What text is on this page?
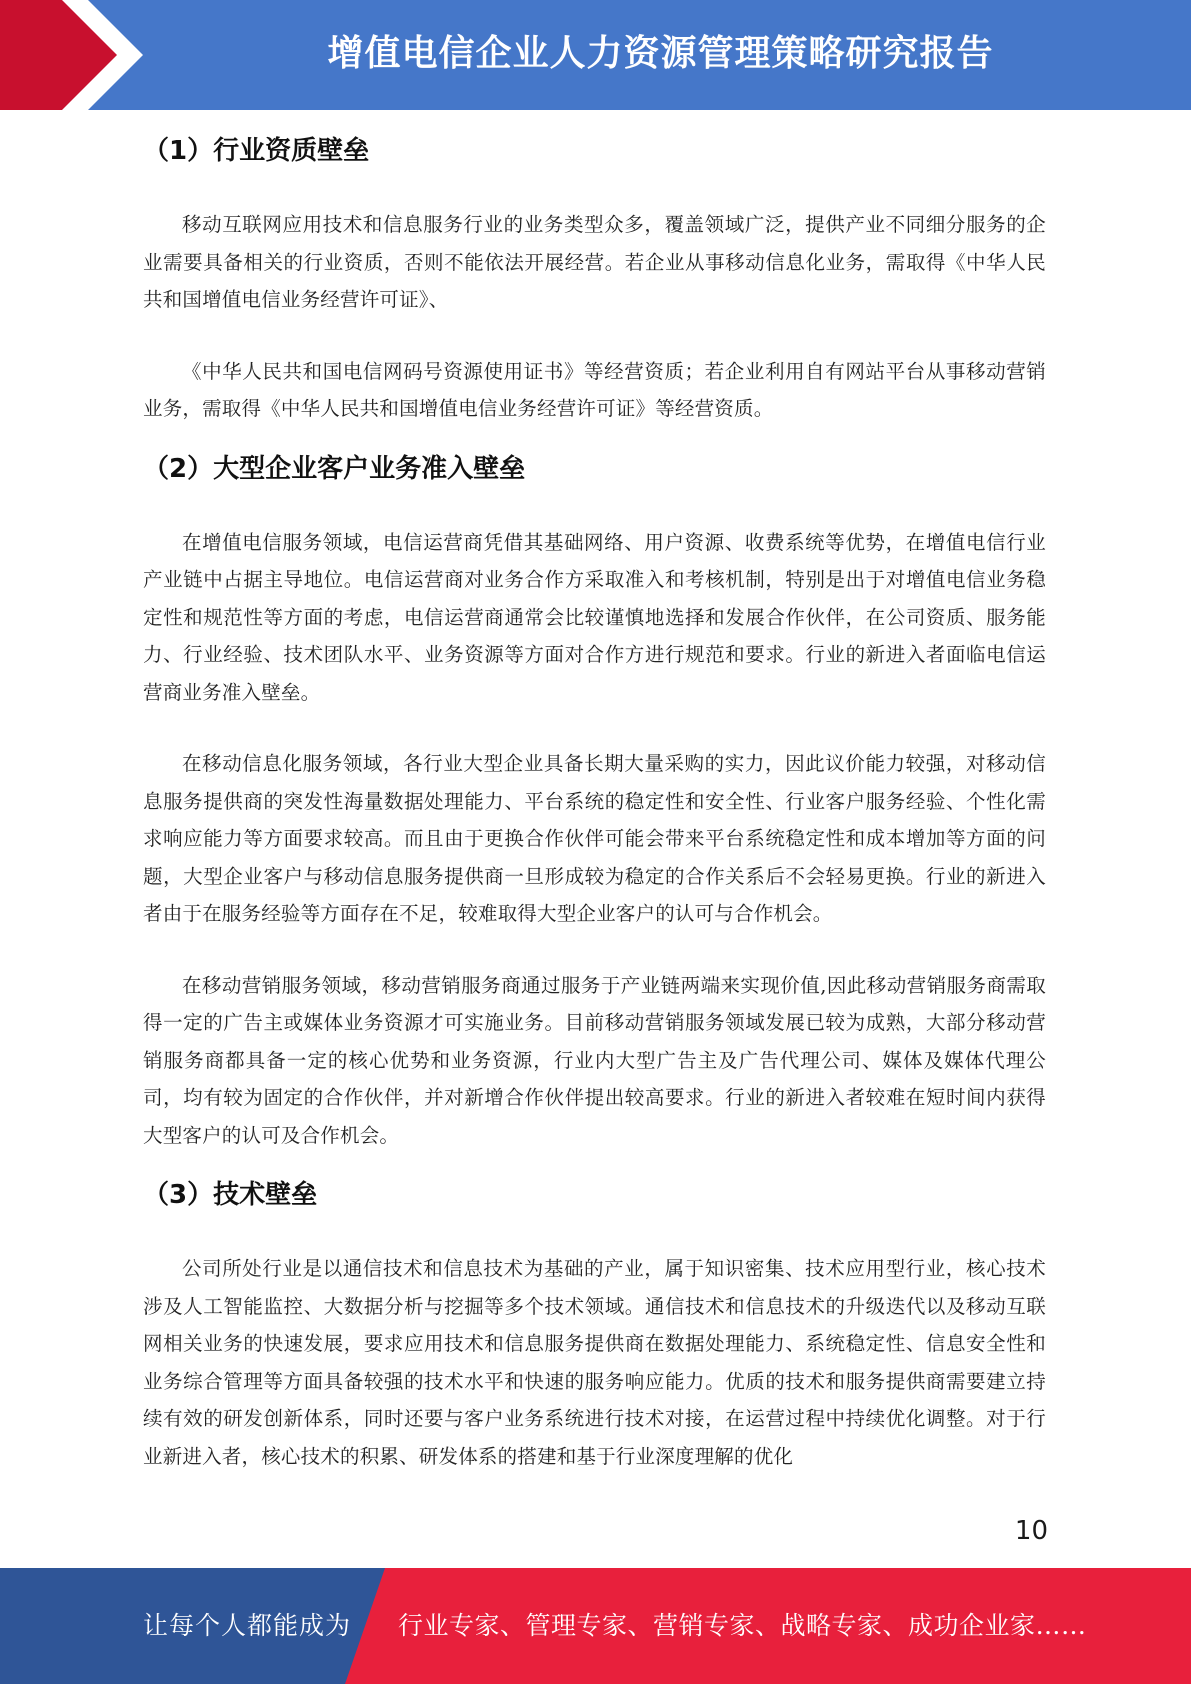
增值电信企业人力资源管理策略研究报告
（1）行业资质壁垒

移动互联网应用技术和信息服务行业的业务类型众多，覆盖领域广泛，提供产业不同细分服务的企业需要具备相关的行业资质，否则不能依法开展经营。若企业从事移动信息化业务，需取得《中华人民共和国增值电信业务经营许可证》、

《中华人民共和国电信网码号资源使用证书》等经营资质；若企业利用自有网站平台从事移动营销业务，需取得《中华人民共和国增值电信业务经营许可证》等经营资质。

（2）大型企业客户业务准入壁垒

在增值电信服务领域，电信运营商凭借其基础网络、用户资源、收费系统等优势，在增值电信行业产业链中占据主导地位。电信运营商对业务合作方采取准入和考核机制，特别是出于对增值电信业务稳定性和规范性等方面的考虑，电信运营商通常会比较谨慎地选择和发展合作伙伴，在公司资质、服务能力、行业经验、技术团队水平、业务资源等方面对合作方进行规范和要求。行业的新进入者面临电信运营商业务准入壁垒。

在移动信息化服务领域，各行业大型企业具备长期大量采购的实力，因此议价能力较强，对移动信息服务提供商的突发性海量数据处理能力、平台系统的稳定性和安全性、行业客户服务经验、个性化需求响应能力等方面要求较高。而且由于更换合作伙伴可能会带来平台系统稳定性和成本增加等方面的问题，大型企业客户与移动信息服务提供商一旦形成较为稳定的合作关系后不会轻易更换。行业的新进入者由于在服务经验等方面存在不足，较难取得大型企业客户的认可与合作机会。

在移动营销服务领域，移动营销服务商通过服务于产业链两端来实现价值,因此移动营销服务商需取得一定的广告主或媒体业务资源才可实施业务。目前移动营销服务领域发展已较为成熟，大部分移动营销服务商都具备一定的核心优势和业务资源，行业内大型广告主及广告代理公司、媒体及媒体代理公司，均有较为固定的合作伙伴，并对新增合作伙伴提出较高要求。行业的新进入者较难在短时间内获得大型客户的认可及合作机会。

（3）技术壁垒

公司所处行业是以通信技术和信息技术为基础的产业，属于知识密集、技术应用型行业，核心技术涉及人工智能监控、大数据分析与挖掘等多个技术领域。通信技术和信息技术的升级迭代以及移动互联网相关业务的快速发展，要求应用技术和信息服务提供商在数据处理能力、系统稳定性、信息安全性和业务综合管理等方面具备较强的技术水平和快速的服务响应能力。优质的技术和服务提供商需要建立持续有效的研发创新体系，同时还要与客户业务系统进行技术对接，在运营过程中持续优化调整。对于行业新进入者，核心技术的积累、研发体系的搭建和基于行业深度理解的优化

10
让每个人都能成为 行业专家、管理专家、营销专家、战略专家、成功企业家……
